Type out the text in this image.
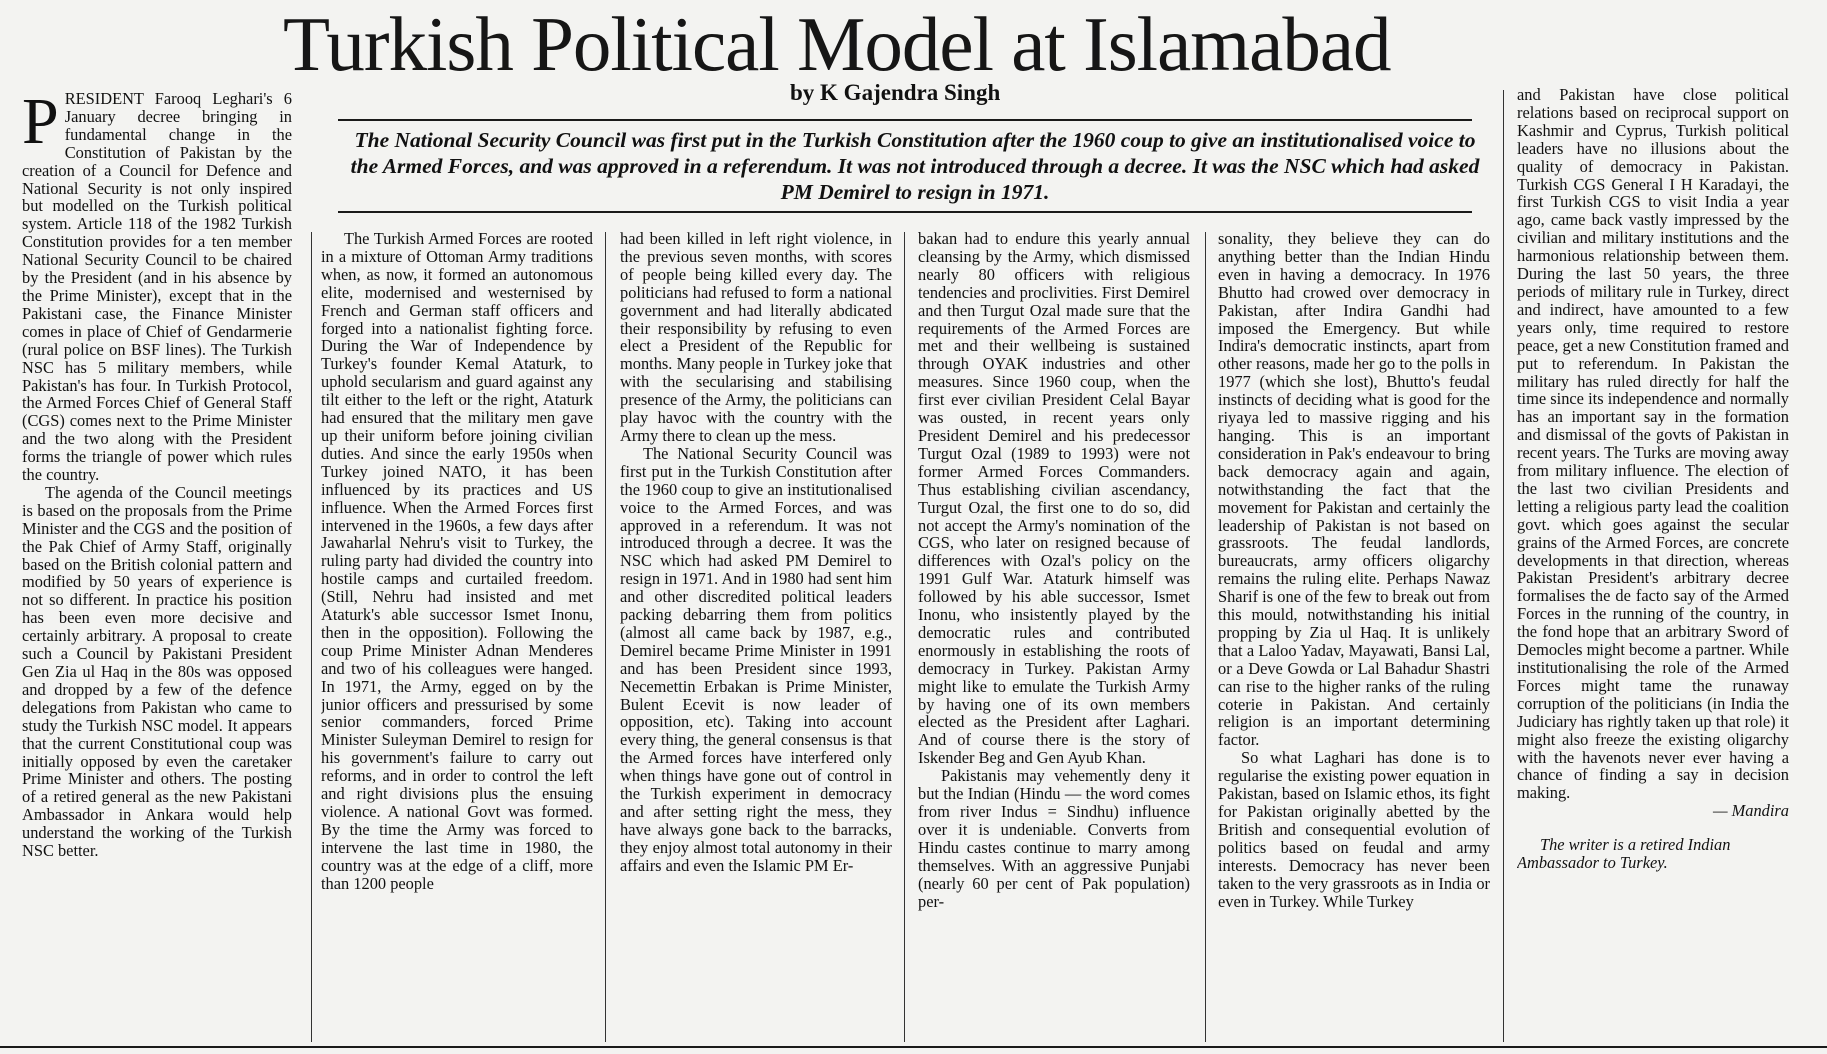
Turkish Political Model at Islamabad
by K Gajendra Singh
The National Security Council was first put in the Turkish Constitution after the 1960 coup to give an institutionalised voice to the Armed Forces, and was approved in a referendum. It was not introduced through a decree. It was the NSC which had asked PM Demirel to resign in 1971.
P RESIDENT Farooq Leghari's 6 January decree bringing in fundamental change in the Constitution of Pakistan by the creation of a Council for Defence and National Security is not only inspired but modelled on the Turkish political system. Article 118 of the 1982 Turkish Constitution provides for a ten member National Security Council to be chaired by the President (and in his absence by the Prime Minister), except that in the Pakistani case, the Finance Minister comes in place of Chief of Gendarmerie (rural police on BSF lines). The Turkish NSC has 5 military members, while Pakistan's has four. In Turkish Protocol, the Armed Forces Chief of General Staff (CGS) comes next to the Prime Minister and the two along with the President forms the triangle of power which rules the country.

The agenda of the Council meetings is based on the proposals from the Prime Minister and the CGS and the position of the Pak Chief of Army Staff, originally based on the British colonial pattern and modified by 50 years of experience is not so different. In practice his position has been even more decisive and certainly arbitrary. A proposal to create such a Council by Pakistani President Gen Zia ul Haq in the 80s was opposed and dropped by a few of the defence delegations from Pakistan who came to study the Turkish NSC model. It appears that the current Constitutional coup was initially opposed by even the caretaker Prime Minister and others. The posting of a retired general as the new Pakistani Ambassador in Ankara would help understand the working of the Turkish NSC better.

The Turkish Armed Forces are rooted in a mixture of Ottoman Army traditions when, as now, it formed an autonomous elite, modernised and westernised by French and German staff officers and forged into a nationalist fighting force. During the War of Independence by Turkey's founder Kemal Ataturk, to uphold secularism and guard against any tilt either to the left or the right, Ataturk had ensured that the military men gave up their uniform before joining civilian duties. And since the early 1950s when Turkey joined NATO, it has been influenced by its practices and US influence. When the Armed Forces first intervened in the 1960s, a few days after Jawaharlal Nehru's visit to Turkey, the ruling party had divided the country into hostile camps and curtailed freedom. (Still, Nehru had insisted and met Ataturk's able successor Ismet Inonu, then in the opposition). Following the coup Prime Minister Adnan Menderes and two of his colleagues were hanged. In 1971, the Army, egged on by the junior officers and pressurised by some senior commanders, forced Prime Minister Suleyman Demirel to resign for his government's failure to carry out reforms, and in order to control the left and right divisions plus the ensuing violence. A national Govt was formed. By the time the Army was forced to intervene the last time in 1980, the country was at the edge of a cliff, more than 1200 people

had been killed in left right violence, in the previous seven months, with scores of people being killed every day. The politicians had refused to form a national government and had literally abdicated their responsibility by refusing to even elect a President of the Republic for months. Many people in Turkey joke that with the secularising and stabilising presence of the Army, the politicians can play havoc with the country with the Army there to clean up the mess.

The National Security Council was first put in the Turkish Constitution after the 1960 coup to give an institutionalised voice to the Armed Forces, and was approved in a referendum. It was not introduced through a decree. It was the NSC which had asked PM Demirel to resign in 1971. And in 1980 had sent him and other discredited political leaders packing debarring them from politics (almost all came back by 1987, e.g., Demirel became Prime Minister in 1991 and has been President since 1993, Necemettin Erbakan is Prime Minister, Bulent Ecevit is now leader of opposition, etc). Taking into account every thing, the general consensus is that the Armed forces have interfered only when things have gone out of control in the Turkish experiment in democracy and after setting right the mess, they have always gone back to the barracks, they enjoy almost total autonomy in their affairs and even the Islamic PM Er-

bakan had to endure this yearly annual cleansing by the Army, which dismissed nearly 80 officers with religious tendencies and proclivities. First Demirel and then Turgut Ozal made sure that the requirements of the Armed Forces are met and their wellbeing is sustained through OYAK industries and other measures. Since 1960 coup, when the first ever civilian President Celal Bayar was ousted, in recent years only President Demirel and his predecessor Turgut Ozal (1989 to 1993) were not former Armed Forces Commanders. Thus establishing civilian ascendancy, Turgut Ozal, the first one to do so, did not accept the Army's nomination of the CGS, who later on resigned because of differences with Ozal's policy on the 1991 Gulf War. Ataturk himself was followed by his able successor, Ismet Inonu, who insistently played by the democratic rules and contributed enormously in establishing the roots of democracy in Turkey. Pakistan Army might like to emulate the Turkish Army by having one of its own members elected as the President after Laghari. And of course there is the story of Iskender Beg and Gen Ayub Khan.

Pakistanis may vehemently deny it but the Indian (Hindu — the word comes from river Indus = Sindhu) influence over it is undeniable. Converts from Hindu castes continue to marry among themselves. With an aggressive Punjabi (nearly 60 per cent of Pak population) per-

sonality, they believe they can do anything better than the Indian Hindu even in having a democracy. In 1976 Bhutto had crowed over democracy in Pakistan, after Indira Gandhi had imposed the Emergency. But while Indira's democratic instincts, apart from other reasons, made her go to the polls in 1977 (which she lost), Bhutto's feudal instincts of deciding what is good for the riyaya led to massive rigging and his hanging. This is an important consideration in Pak's endeavour to bring back democracy again and again, notwithstanding the fact that the movement for Pakistan and certainly the leadership of Pakistan is not based on grassroots. The feudal landlords, bureaucrats, army officers oligarchy remains the ruling elite. Perhaps Nawaz Sharif is one of the few to break out from this mould, notwithstanding his initial propping by Zia ul Haq. It is unlikely that a Laloo Yadav, Mayawati, Bansi Lal, or a Deve Gowda or Lal Bahadur Shastri can rise to the higher ranks of the ruling coterie in Pakistan. And certainly religion is an important determining factor.

So what Laghari has done is to regularise the existing power equation in Pakistan, based on Islamic ethos, its fight for Pakistan originally abetted by the British and consequential evolution of politics based on feudal and army interests. Democracy has never been taken to the very grassroots as in India or even in Turkey. While Turkey

and Pakistan have close political relations based on reciprocal support on Kashmir and Cyprus, Turkish political leaders have no illusions about the quality of democracy in Pakistan. Turkish CGS General I H Karadayi, the first Turkish CGS to visit India a year ago, came back vastly impressed by the civilian and military institutions and the harmonious relationship between them. During the last 50 years, the three periods of military rule in Turkey, direct and indirect, have amounted to a few years only, time required to restore peace, get a new Constitution framed and put to referendum. In Pakistan the military has ruled directly for half the time since its independence and normally has an important say in the formation and dismissal of the govts of Pakistan in recent years. The Turks are moving away from military influence. The election of the last two civilian Presidents and letting a religious party lead the coalition govt. which goes against the secular grains of the Armed Forces, are concrete developments in that direction, whereas Pakistan President's arbitrary decree formalises the de facto say of the Armed Forces in the running of the country, in the fond hope that an arbitrary Sword of Democles might become a partner. While institutionalising the role of the Armed Forces might tame the runaway corruption of the politicians (in India the Judiciary has rightly taken up that role) it might also freeze the existing oligarchy with the havenots never ever having a chance of finding a say in decision making.

— Mandira

The writer is a retired Indian Ambassador to Turkey.
